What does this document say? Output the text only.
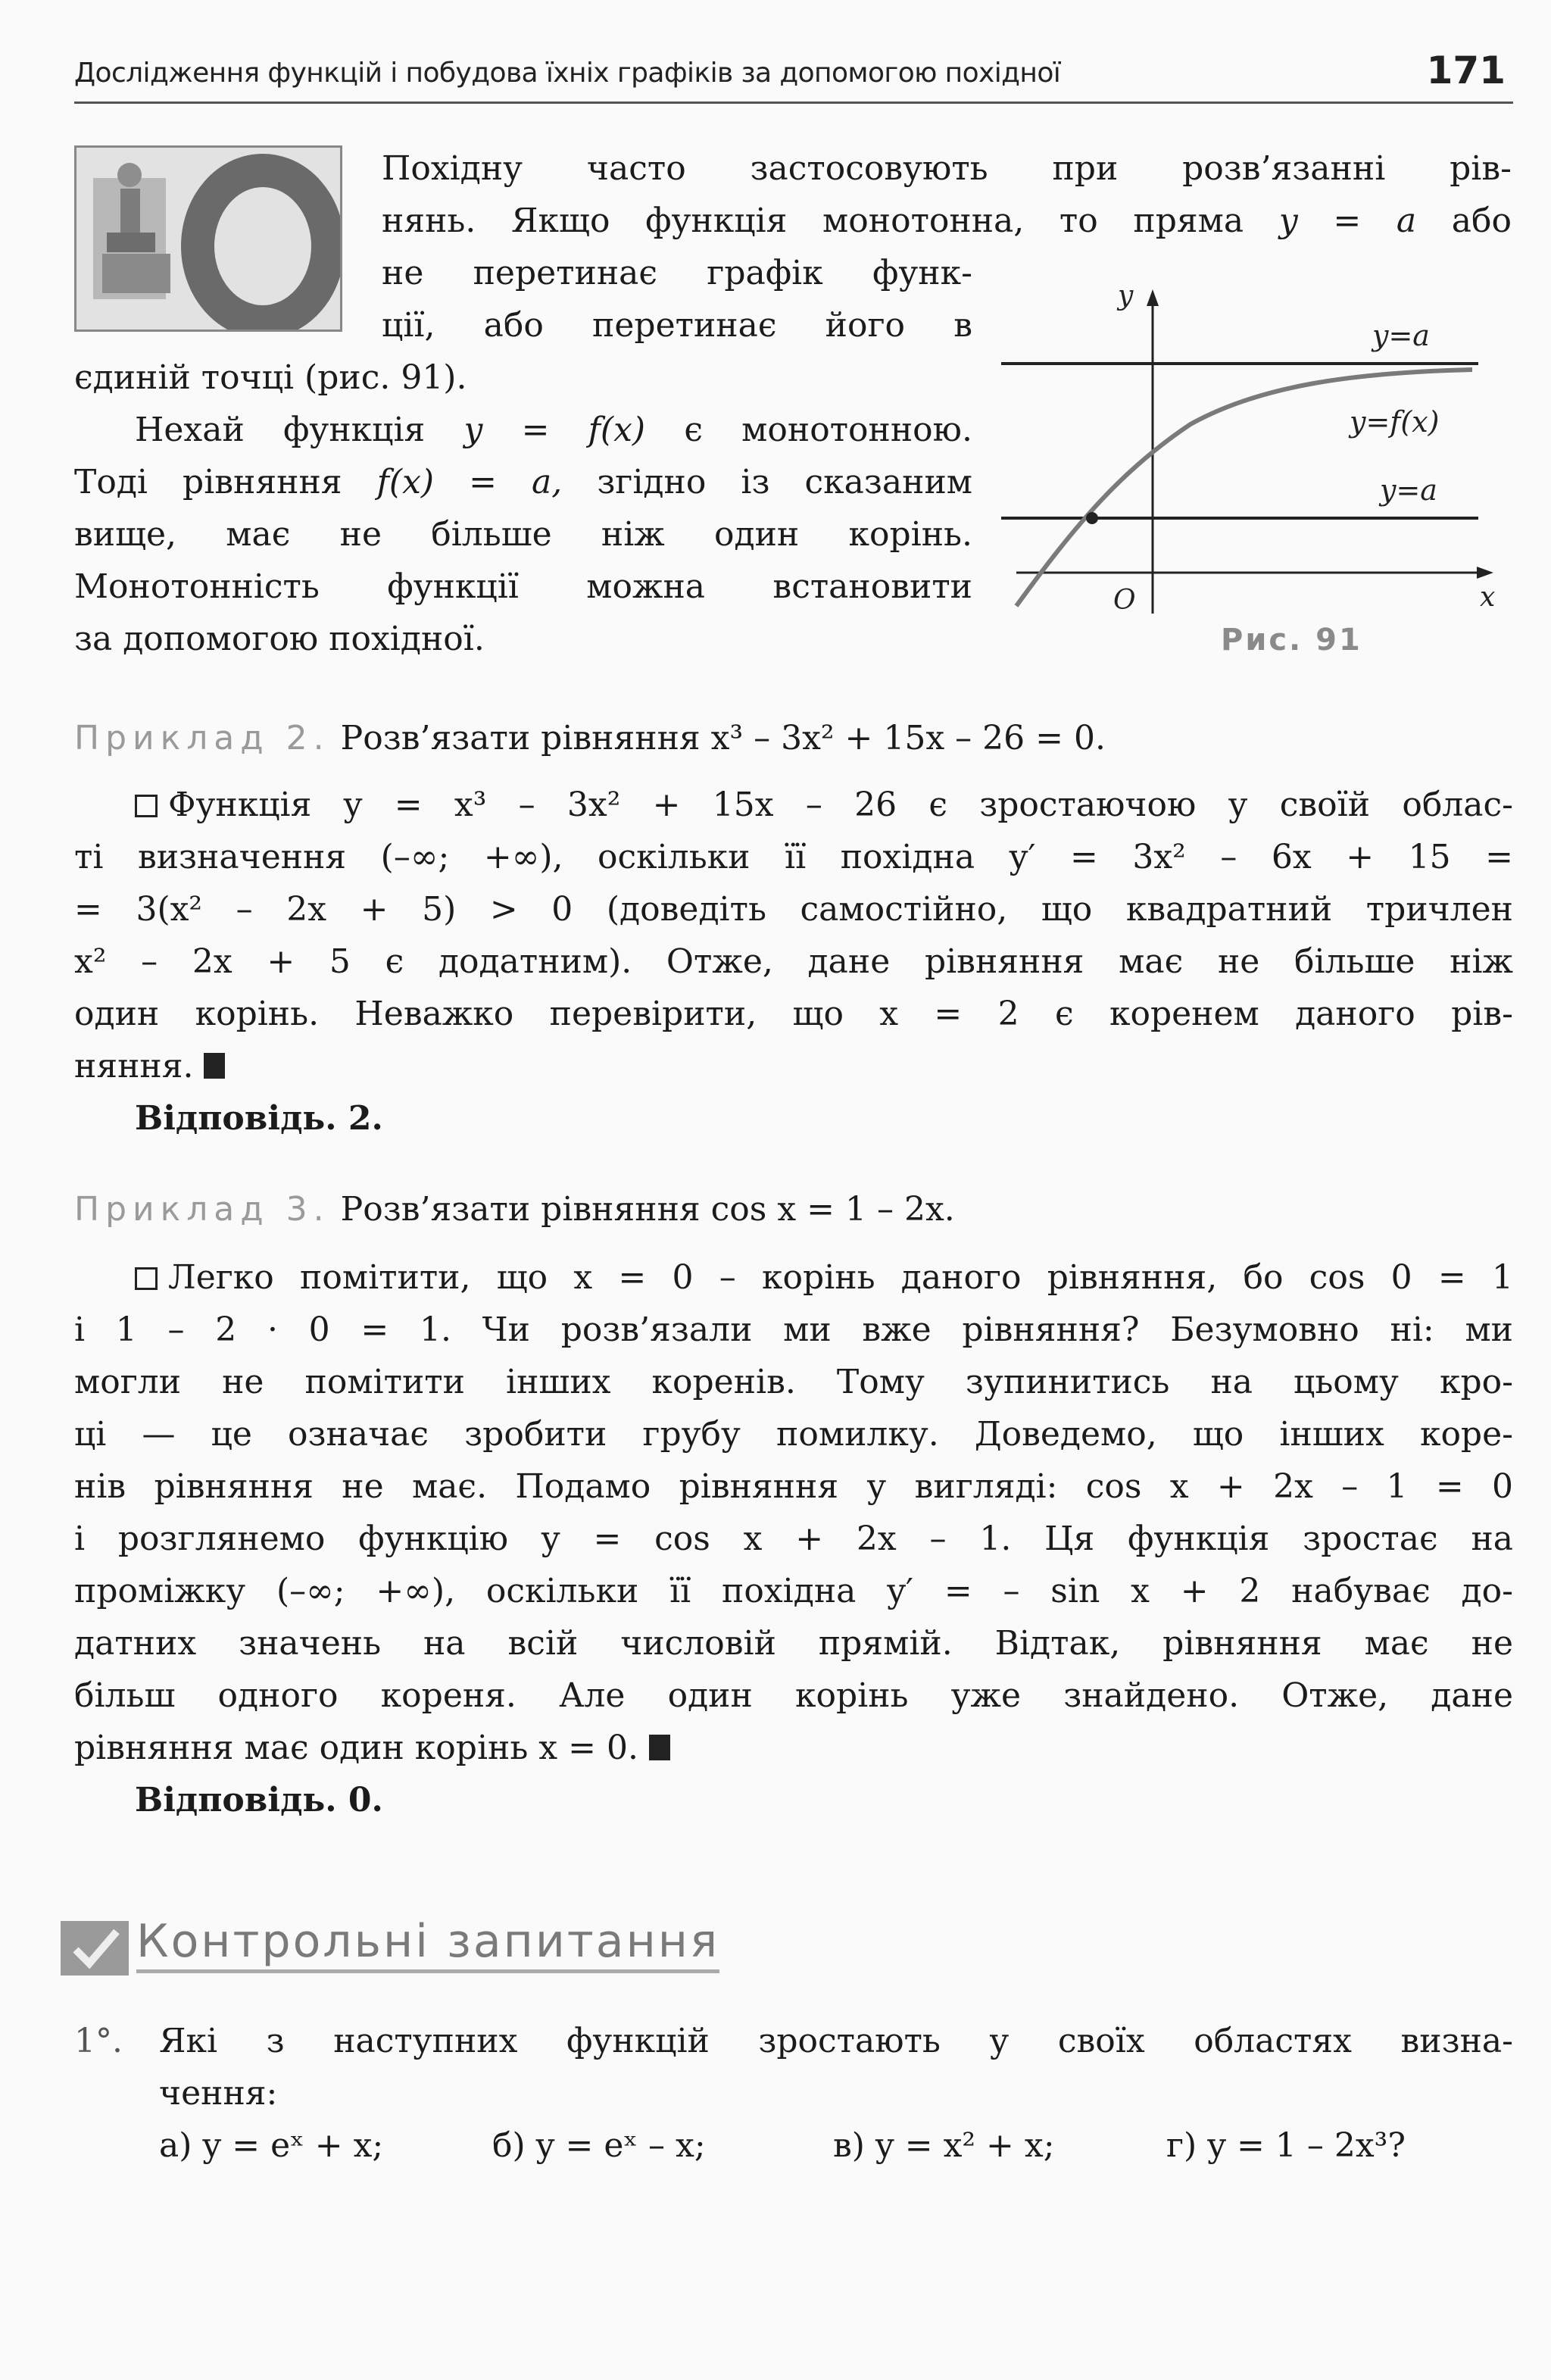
Дослідження функцій і побудова їхніх графіків за допомогою похідної	171
Похідну часто застосовують при розв’язанні рів-
нянь. Якщо функція монотонна, то пряма y = a або
не перетинає графік функ-
ції, або перетинає його в
єдиній точці (рис. 91).
Нехай функція y = f(x) є монотонною.
Тоді рівняння f(x) = a, згідно із сказаним
вище, має не більше ніж один корінь.
Монотонність функції можна встановити
за допомогою похідної.
y
x
O
y=a
y=f(x)
y=a
Рис. 91
Приклад 2. Розв’язати рівняння x³ – 3x² + 15x – 26 = 0.
Функція y = x³ – 3x² + 15x – 26 є зростаючою у своїй облас-
ті визначення (–∞; +∞), оскільки її похідна y′ = 3x² – 6x + 15 =
= 3(x² – 2x + 5) > 0 (доведіть самостійно, що квадратний тричлен
x² – 2x + 5 є додатним). Отже, дане рівняння має не більше ніж
один корінь. Неважко перевірити, що x = 2 є коренем даного рів-
няння.
Відповідь. 2.
Приклад 3. Розв’язати рівняння cos x = 1 – 2x.
Легко помітити, що x = 0 – корінь даного рівняння, бо cos 0 = 1
і 1 – 2 · 0 = 1. Чи розв’язали ми вже рівняння? Безумовно ні: ми
могли не помітити інших коренів. Тому зупинитись на цьому кро-
ці — це означає зробити грубу помилку. Доведемо, що інших коре-
нів рівняння не має. Подамо рівняння у вигляді: cos x + 2x – 1 = 0
і розглянемо функцію y = cos x + 2x – 1. Ця функція зростає на
проміжку (–∞; +∞), оскільки її похідна y′ = – sin x + 2 набуває до-
датних значень на всій числовій прямій. Відтак, рівняння має не
більш одного кореня. Але один корінь уже знайдено. Отже, дане
рівняння має один корінь x = 0.
Відповідь. 0.
Контрольні запитання
1°. Які з наступних функцій зростають у своїх областях визна-
чення:
а) y = eˣ + x;	б) y = eˣ – x;	в) y = x² + x;	г) y = 1 – 2x³?
